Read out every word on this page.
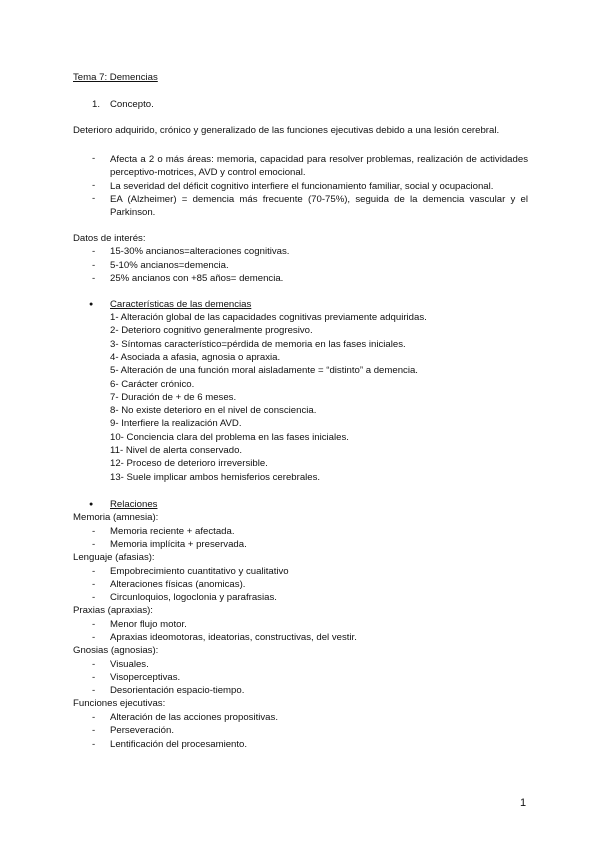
Tema 7: Demencias
1. Concepto.
Deterioro adquirido, crónico y generalizado de las funciones ejecutivas debido a una lesión cerebral.
- Afecta a 2 o más áreas: memoria, capacidad para resolver problemas, realización de actividades perceptivo-motrices, AVD y control emocional.
- La severidad del déficit cognitivo interfiere el funcionamiento familiar, social y ocupacional.
- EA (Alzheimer) = demencia más frecuente (70-75%), seguida de la demencia vascular y el Parkinson.
Datos de interés:
- 15-30% ancianos=alteraciones cognitivas.
- 5-10% ancianos=demencia.
- 25% ancianos con +85 años= demencia.
● Características de las demencias
1- Alteración global de las capacidades cognitivas previamente adquiridas.
2- Deterioro cognitivo generalmente progresivo.
3- Síntomas característico=pérdida de memoria en las fases iniciales.
4- Asociada a afasia, agnosia o apraxia.
5- Alteración de una función moral aisladamente = “distinto” a demencia.
6- Carácter crónico.
7- Duración de + de 6 meses.
8- No existe deterioro en el nivel de consciencia.
9- Interfiere la realización AVD.
10- Conciencia clara del problema en las fases iniciales.
11- Nivel de alerta conservado.
12- Proceso de deterioro irreversible.
13- Suele implicar ambos hemisferios cerebrales.
● Relaciones
Memoria (amnesia):
- Memoria reciente + afectada.
- Memoria implícita + preservada.
Lenguaje (afasias):
- Empobrecimiento cuantitativo y cualitativo
- Alteraciones físicas (anomicas).
- Circunloquios, logoclonia y parafrasias.
Praxias (apraxias):
- Menor flujo motor.
- Apraxias ideomotoras, ideatorias, constructivas, del vestir.
Gnosias (agnosias):
- Visuales.
- Visoperceptivas.
- Desorientación espacio-tiempo.
Funciones ejecutivas:
- Alteración de las acciones propositivas.
- Perseveración.
- Lentificación del procesamiento.
1
